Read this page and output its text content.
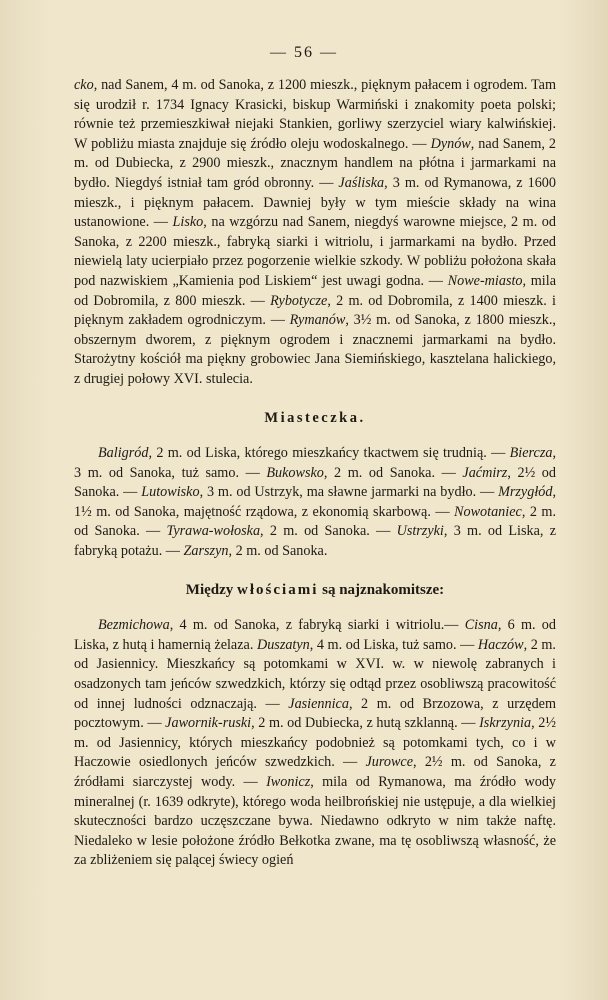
— 56 —

cko, nad Sanem, 4 m. od Sanoka, z 1200 mieszk., pięknym pałacem i ogrodem. Tam się urodził r. 1734 Ignacy Krasicki, biskup Warmiński i znakomity poeta polski; równie też przemieszkiwał niejaki Stankien, gorliwy szerzyciel wiary kalwińskiej. W pobliżu miasta znajduje się źródło oleju wodoskalnego. — Dynów, nad Sanem, 2 m. od Dubiecka, z 2900 mieszk., znacznym handlem na płótna i jarmarkami na bydło. Niegdyś istniał tam gród obronny. — Jaśliska, 3 m. od Rymanowa, z 1600 mieszk., i pięknym pałacem. Dawniej były w tym mieście składy na wina ustanowione. — Lisko, na wzgórzu nad Sanem, niegdyś warowne miejsce, 2 m. od Sanoka, z 2200 mieszk., fabryką siarki i witriolu, i jarmarkami na bydło. Przed niewielą laty ucierpiało przez pogorzenie wielkie szkody. W pobliżu położona skała pod nazwiskiem „Kamienia pod Liskiem“ jest uwagi godna. — Nowe-miasto, mila od Dobromila, z 800 mieszk. — Rybotycze, 2 m. od Dobromila, z 1400 mieszk. i pięknym zakładem ogrodniczym. — Rymanów, 3½ m. od Sanoka, z 1800 mieszk., obszernym dworem, z pięknym ogrodem i znacznemi jarmarkami na bydło. Starożytny kościół ma piękny grobowiec Jana Siemińskiego, kasztelana halickiego, z drugiej połowy XVI. stulecia.

Miasteczka.

Baligród, 2 m. od Liska, którego mieszkańcy tkactwem się trudnią. — Biercza, 3 m. od Sanoka, tuż samo. — Bukowsko, 2 m. od Sanoka. — Jaćmirz, 2½ od Sanoka. — Lutowisko, 3 m. od Ustrzyk, ma sławne jarmarki na bydło. — Mrzygłód, 1½ m. od Sanoka, majętność rządowa, z ekonomią skarbową. — Nowotaniec, 2 m. od Sanoka. — Tyrawa-wołoska, 2 m. od Sanoka. — Ustrzyki, 3 m. od Liska, z fabryką potażu. — Zarszyn, 2 m. od Sanoka.

Między włościami są najznakomitsze:

Bezmichowa, 4 m. od Sanoka, z fabryką siarki i witriolu.— Cisna, 6 m. od Liska, z hutą i hamernią żelaza. Duszatyn, 4 m. od Liska, tuż samo. — Haczów, 2 m. od Jasiennicy. Mieszkańcy są potomkami w XVI. w. w niewolę zabranych i osadzonych tam jeńców szwedzkich, którzy się odtąd przez osobliwszą pracowitość od innej ludności odznaczają. — Jasiennica, 2 m. od Brzozowa, z urzędem pocztowym. — Jawornik-ruski, 2 m. od Dubiecka, z hutą szklanną. — Iskrzynia, 2½ m. od Jasiennicy, których mieszkańcy podobnież są potomkami tych, co i w Haczowie osiedlonych jeńców szwedzkich. — Jurowce, 2½ m. od Sanoka, z źródłami siarczystej wody. — Iwonicz, mila od Rymanowa, ma źródło wody mineralnej (r. 1639 odkryte), którego woda heilbrońskiej nie ustępuje, a dla wielkiej skuteczności bardzo uczęszczane bywa. Niedawno odkryto w nim także naftę. Niedaleko w lesie położone źródło Bełkotka zwane, ma tę osobliwszą własność, że za zbliżeniem się palącej świecy ogień
